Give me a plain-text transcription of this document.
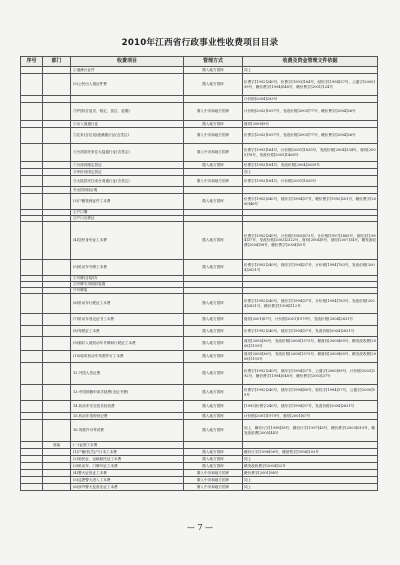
2010年江西省行政事业性收费项目目录
序号	部门	收费项目	管理方式	收费及资金管理文件依据
		①港澳台证件	缴入地方国库	同上
		(2)公民出入境证件费	缴入地方国库	价费字[1992]240号，价费字[1993]164号，财综字[1994]37号，公通字[2000]99号，赣价费字[1994]048号，赣价费字[2001]124号
				计价格[2004]293号
		③护照(含加页、相定、加注、延期)	缴入中央和地方国库	计价格[2002]1097号、发改价格[2005]77号、赣价费字[2004]26号
		④出入境通行证	缴入地方国库	财综[2008]9号
		⑤往来(含往返)港澳通行证(含签注)	缴入中央和地方国库	价费字[2002]1097号、发改价格[2005]77号、赣价费字[2004]26号
		⑥台湾居民来往大陆通行证(含签注)	缴入中央和地方国库	价费字[1993]164号，计价格[2001]1835号，发改价格[2004]334号，财综[2005]78号，发改价格[2005]1460号
		⑦台湾同胞定居证	缴入地方国库	价费字[1993]164号，发改价格[2004]2839号
		⑧华侨回国定居证		同上
		⑨大陆居民往来台湾通行证(含签注)	缴入中央和地方国库	价费字[1993]164号，计价格[2001]1835号
		⑩出国(境)证明		
		(3)户籍管理证件工本费	缴入地方国库	价费字[1992]240号，财综字[1994]37号，赣价费字[1992]201号，赣价费字[2000]46号
		①户口簿		
		②户口迁移证		
		(4)居民身份证工本费	缴入地方国库	价费字[1992]240号，计价格[1985]873号，计价格[1997]1485号，财综字[1994]37号，发改价格[2003]2322号，财综[2004]8号，财综[2007]34号，赣发改收费[2004]98号，赣价费字[2004]55号
		(5)机动车号牌工本费	缴入地方国库	价费字[1992]240号，财综字[1994]37号，计价格[1994]783号，发改价格[2004]2831号
		①号牌(含临时)		
		②号牌专用固封装置		
		③号牌架		
		(6)机动车行驶证工本费	缴入地方国库	价费字[1992]240号，财综字[1994]37号，计价格[1994]783号，发改价格[2004]2831号，赣价费字[1994]112号
		(7)机动车登记证书工本费	缴入地方国库	财综[2001]67号，计价格[2001]1979号，发改价格[2004]2831号
		(8)驾驶证工本费	缴入地方国库	价费字[1992]240号，财综字[1994]37号，发改价格[2004]2831号
		(9)临时入境机动车号牌和行驶证工本费	缴入地方国库	财综[2008]36号，发改价格[2008]1575号，赣财综[2008]65号，赣发改收费[2008]1193号
		(10)临时机动车驾驶许可工本费	缴入地方国库	财综[2008]36号，发改价格[2008]1575号，赣财综[2008]65号，赣发改收费[2008]1193号
		12.外国人签证费	缴入地方国库	价费字[1992]240号，财综字[1994]37号，公通字[2000]99号，计价格[2003]392号，赣价费字[1994]048号，赣价费字[2003]37号
		13.中国国籍申请手续费(含证书费)	缴入地方国库	价费字[1992]240号，财综字[1994]89号，财综字[1994]37号，公通字[2000]99号
		14.机动车安全技术检验费	缴入地方国库	[1992]价费字240号，财综字[1994]37号，发改价格[2004]2831号
		15.机动车抵押登记费	缴入地方国库	计价格[2001]1979号，财综[2001]67号
		16.驾驶许可考试费	缴入地方国库	同上，赣价行字[1998]38号，赣价行字[1997]45号，赣价费字[2003]819号，赣发改收费[2005]44号
	省编	(一)证照工本费		
		(1)户籍(机关)户口本工本费	缴入地方国库	赣价行字[1996]56号，赣财预字[1996]103号
		(2)船民证、运输船民证工本费	缴入地方国库	同上
		(3)机动车、门牌号证工本费	缴入地方国库	赣发改收费字[2004]32号
		(4)警犬证验证工本费	缴入中央和地方国库	赣价费字[2001]88号
		(5)巡逻警犬进入工本费	缴入中央和地方国库	同上
		(6)涉外警犬及营业证工本费	缴入中央和地方国库	同上
— 7 —
